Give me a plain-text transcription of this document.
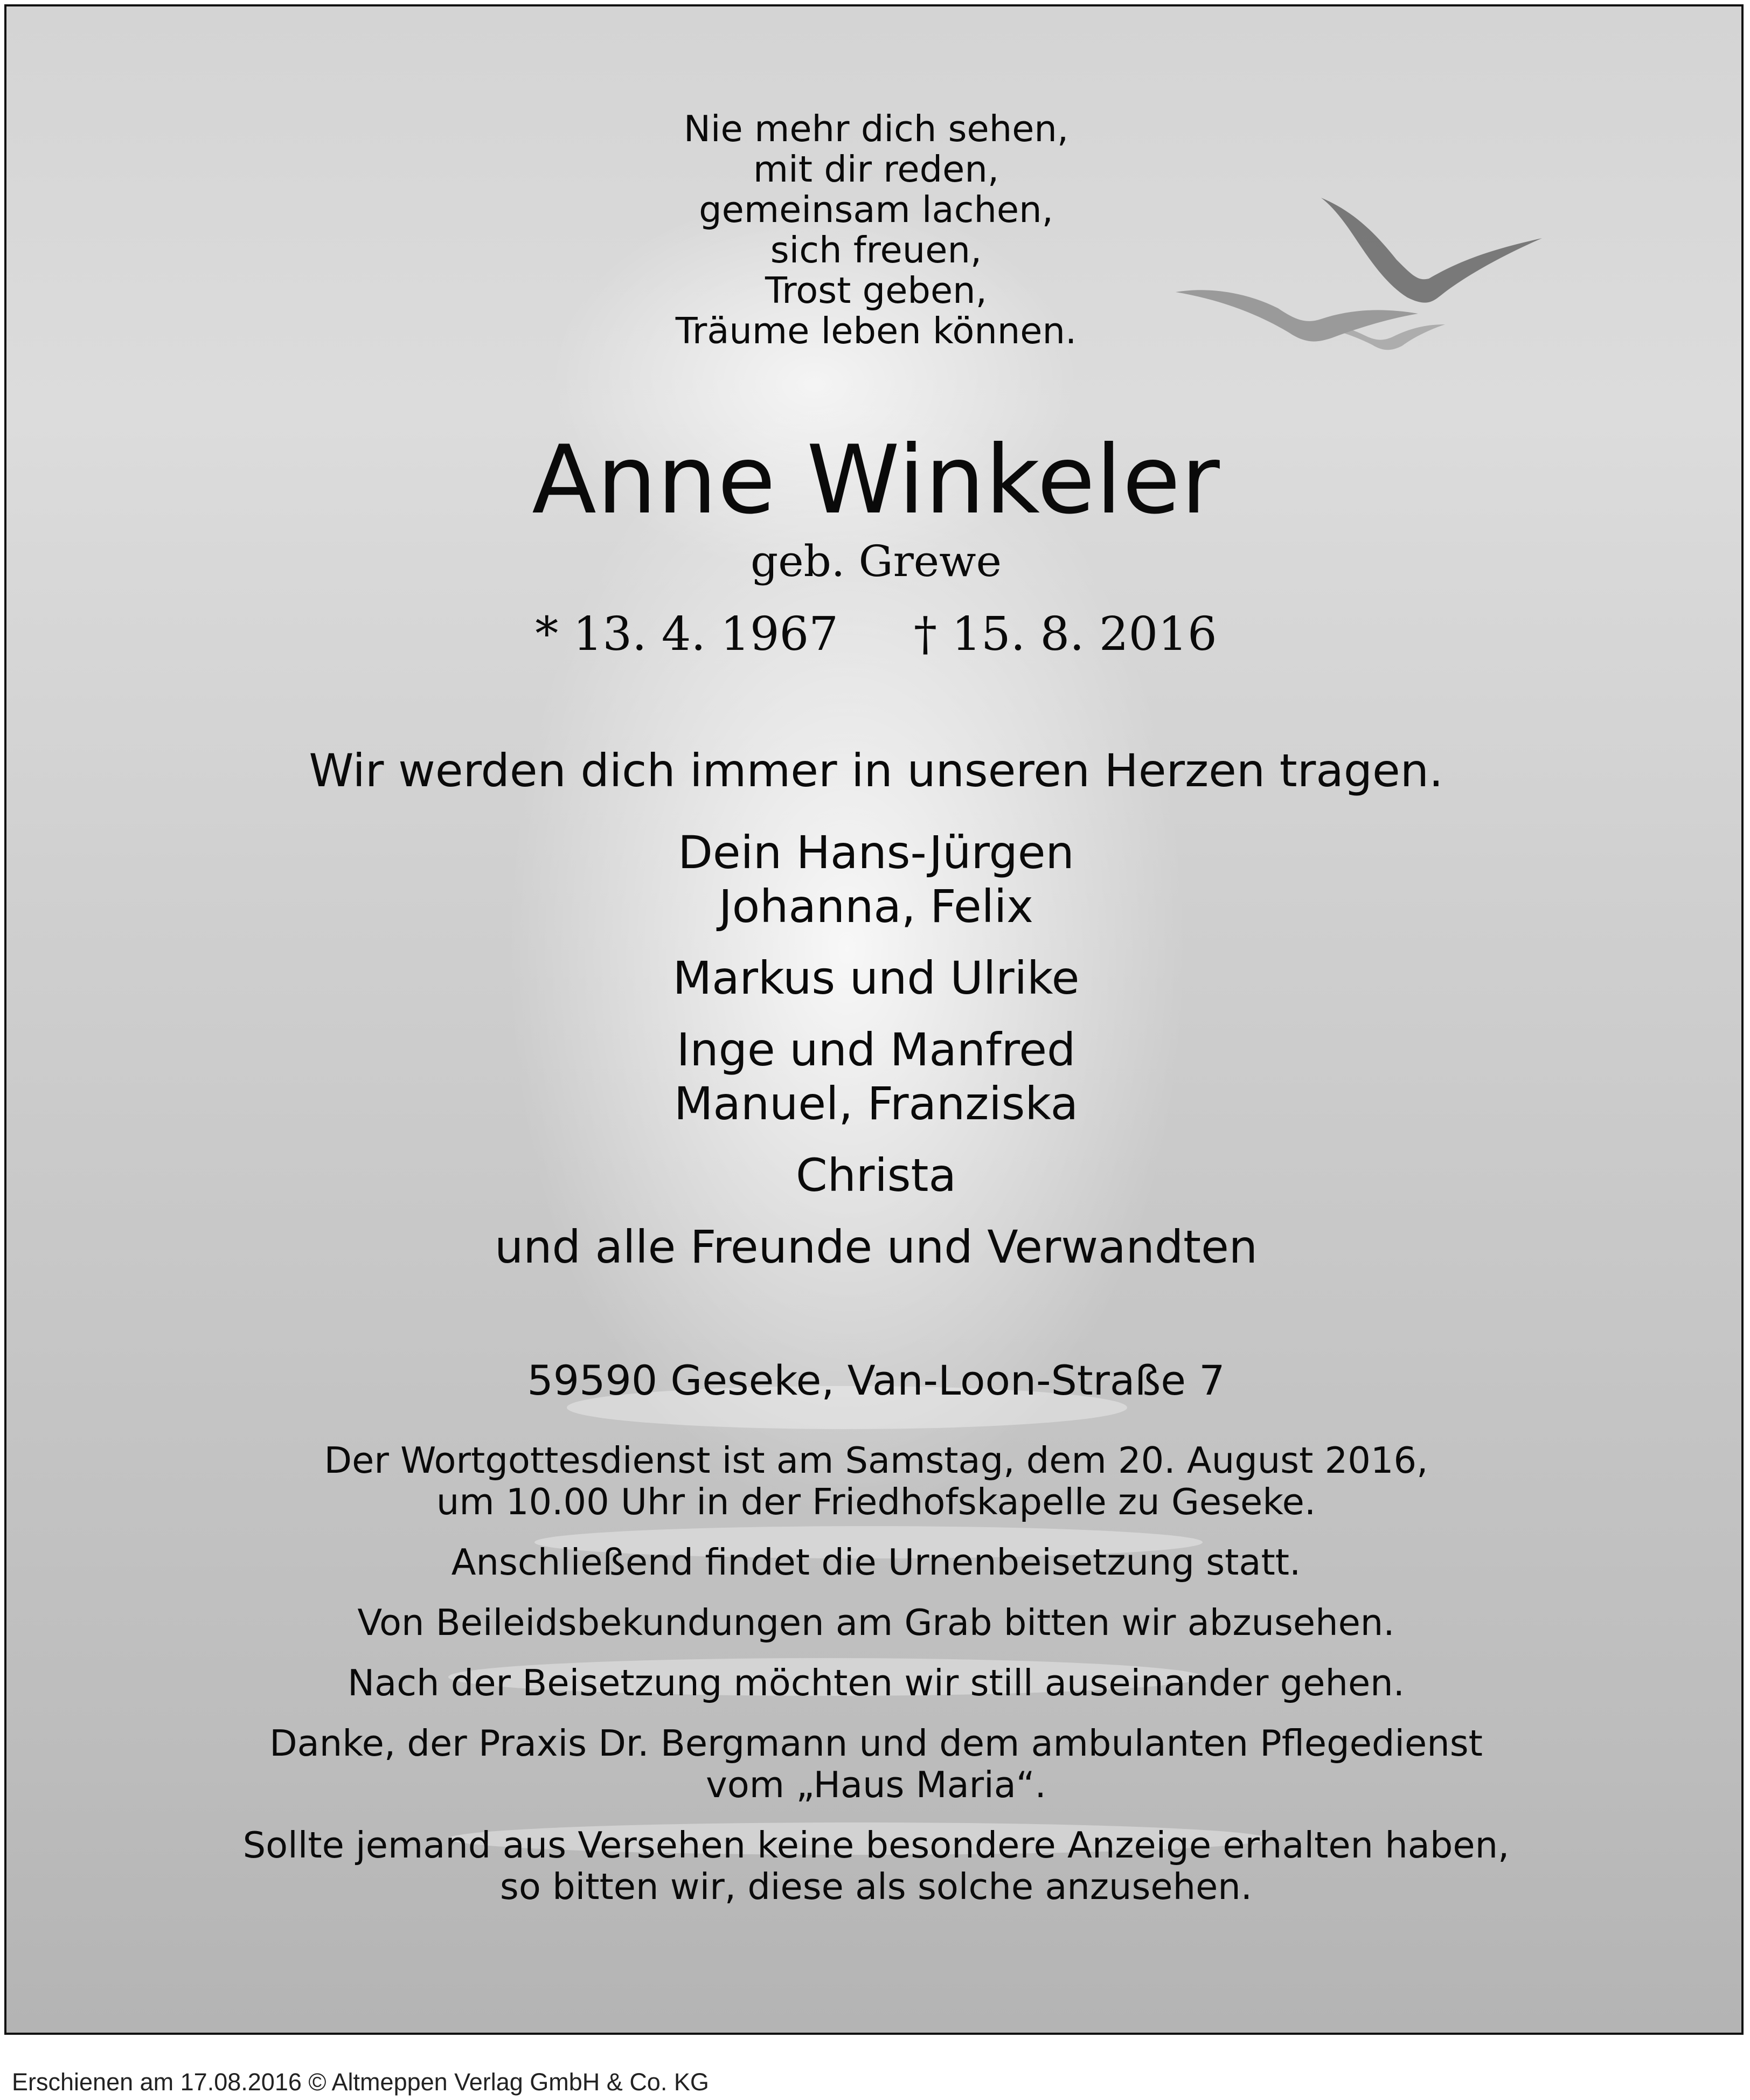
Nie mehr dich sehen,
mit dir reden,
gemeinsam lachen,
sich freuen,
Trost geben,
Träume leben können.
Anne Winkeler
geb. Grewe
* 13. 4. 1967 † 15. 8. 2016
Wir werden dich immer in unseren Herzen tragen.
Dein Hans-Jürgen
Johanna, Felix
Markus und Ulrike
Inge und Manfred
Manuel, Franziska
Christa
und alle Freunde und Verwandten
59590 Geseke, Van-Loon-Straße 7
Der Wortgottesdienst ist am Samstag, dem 20. August 2016,
um 10.00 Uhr in der Friedhofskapelle zu Geseke.
Anschließend findet die Urnenbeisetzung statt.
Von Beileidsbekundungen am Grab bitten wir abzusehen.
Nach der Beisetzung möchten wir still auseinander gehen.
Danke, der Praxis Dr. Bergmann und dem ambulanten Pflegedienst
vom „Haus Maria“.
Sollte jemand aus Versehen keine besondere Anzeige erhalten haben,
so bitten wir, diese als solche anzusehen.
Erschienen am 17.08.2016 © Altmeppen Verlag GmbH & Co. KG
